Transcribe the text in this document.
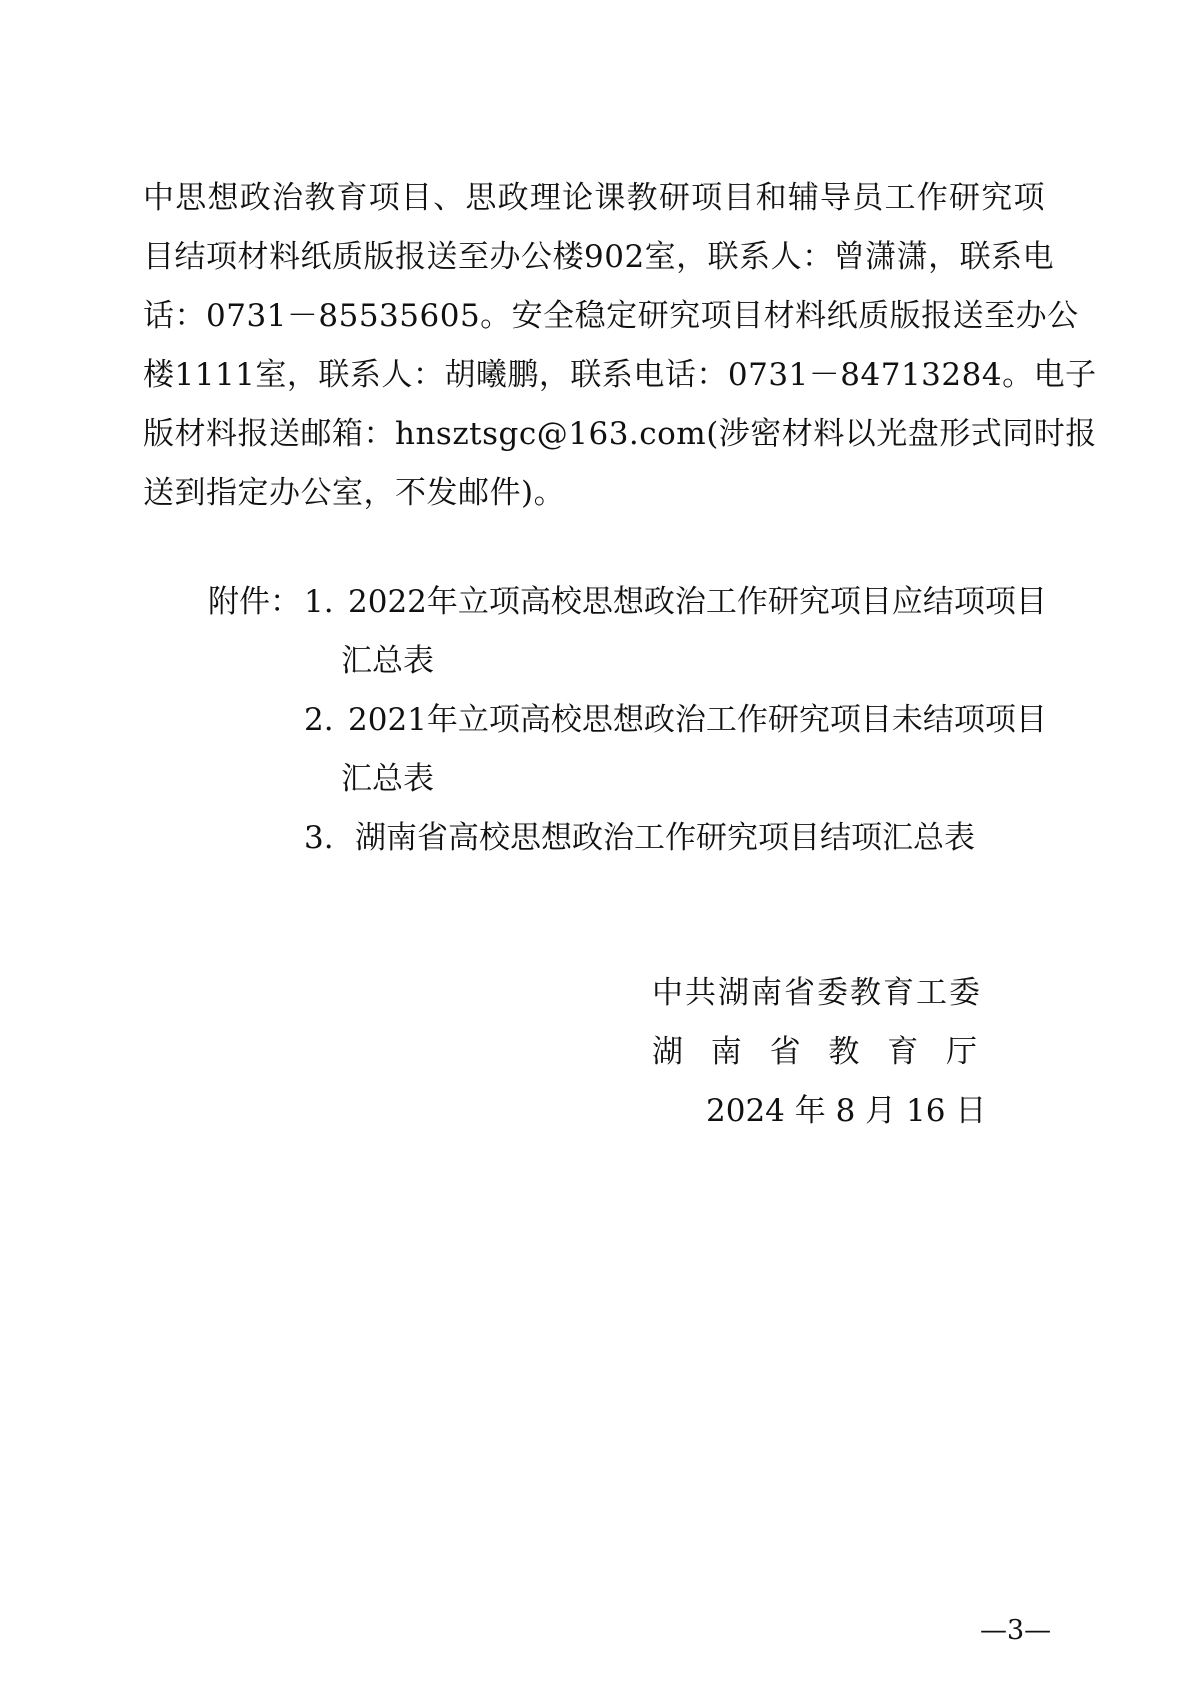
中思想政治教育项目、思政理论课教研项目和辅导员工作研究项
目结项材料纸质版报送至办公楼902室，联系人：曾潇潇，联系电
话：0731－85535605。安全稳定研究项目材料纸质版报送至办公
楼1111室，联系人：胡曦鹏，联系电话：0731－84713284。电子
版材料报送邮箱：hnsztsgc@163.com(涉密材料以光盘形式同时报
送到指定办公室，不发邮件)。
附件： 1. 2022年立项高校思想政治工作研究项目应结项项目
汇总表
2. 2021年立项高校思想政治工作研究项目未结项项目
汇总表
3. 湖南省高校思想政治工作研究项目结项汇总表
中共湖南省委教育工委
湖南省教育厅
2024 年 8 月 16 日
—3—
